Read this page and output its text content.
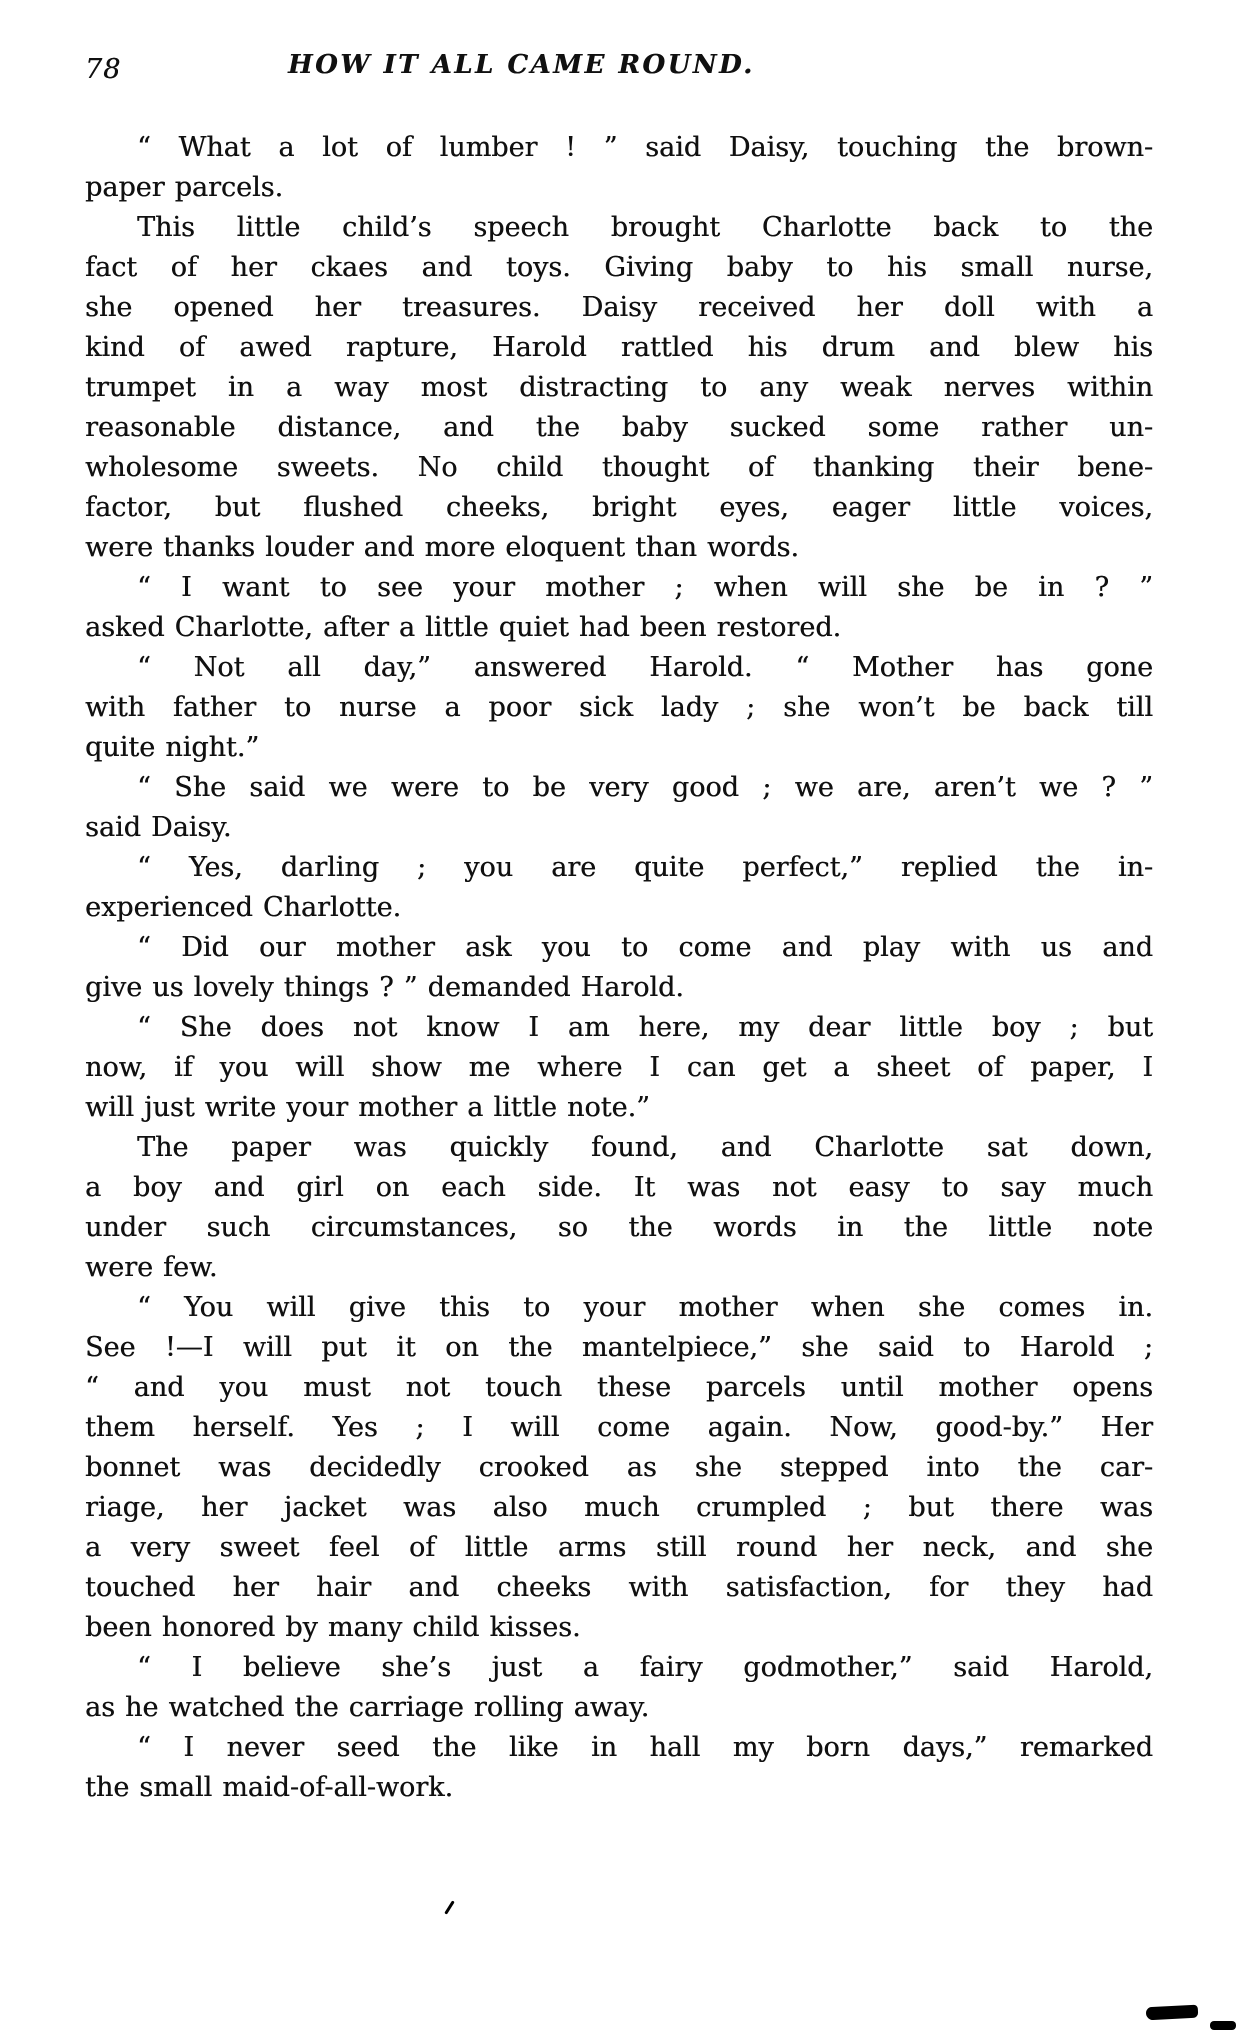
78	HOW IT ALL CAME ROUND.
“ What a lot of lumber ! ” said Daisy, touching the brown-
paper parcels.
This little child’s speech brought Charlotte back to the
fact of her ckaes and toys. Giving baby to his small nurse,
she opened her treasures. Daisy received her doll with a
kind of awed rapture, Harold rattled his drum and blew his
trumpet in a way most distracting to any weak nerves within
reasonable distance, and the baby sucked some rather un-
wholesome sweets. No child thought of thanking their bene-
factor, but flushed cheeks, bright eyes, eager little voices,
were thanks louder and more eloquent than words.
“ I want to see your mother ; when will she be in ? ”
asked Charlotte, after a little quiet had been restored.
“ Not all day,” answered Harold. “ Mother has gone
with father to nurse a poor sick lady ; she won’t be back till
quite night.”
“ She said we were to be very good ; we are, aren’t we ? ”
said Daisy.
“ Yes, darling ; you are quite perfect,” replied the in-
experienced Charlotte.
“ Did our mother ask you to come and play with us and
give us lovely things ? ” demanded Harold.
“ She does not know I am here, my dear little boy ; but
now, if you will show me where I can get a sheet of paper, I
will just write your mother a little note.”
The paper was quickly found, and Charlotte sat down,
a boy and girl on each side. It was not easy to say much
under such circumstances, so the words in the little note
were few.
“ You will give this to your mother when she comes in.
See !—I will put it on the mantelpiece,” she said to Harold ;
“ and you must not touch these parcels until mother opens
them herself. Yes ; I will come again. Now, good-by.” Her
bonnet was decidedly crooked as she stepped into the car-
riage, her jacket was also much crumpled ; but there was
a very sweet feel of little arms still round her neck, and she
touched her hair and cheeks with satisfaction, for they had
been honored by many child kisses.
“ I believe she’s just a fairy godmother,” said Harold,
as he watched the carriage rolling away.
“ I never seed the like in hall my born days,” remarked
the small maid-of-all-work.
